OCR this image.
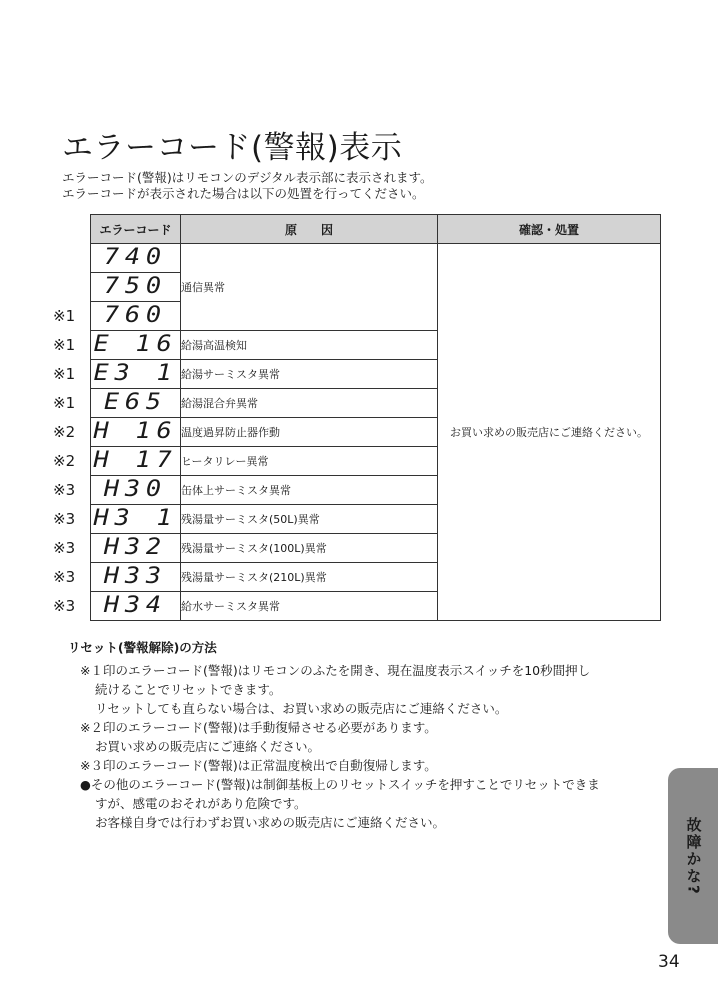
エラーコード(警報)表示
エラーコード(警報)はリモコンのデジタル表示部に表示されます。
エラーコードが表示された場合は以下の処置を行ってください。
エラーコード	原　　因	確認・処置

740	通信異常	お買い求めの販売店にご連絡ください。

750		

※1 760		

※1 E 16	給湯高温検知	

※1 E3 1	給湯サーミスタ異常	

※1 E65	給湯混合弁異常	

※2 H 16	温度過昇防止器作動	

※2 H 17	ヒータリレー異常	

※3 H30	缶体上サーミスタ異常	

※3 H3 1	残湯量サーミスタ(50L)異常	

※3 H32	残湯量サーミスタ(100L)異常	

※3 H33	残湯量サーミスタ(210L)異常	

※3 H34	給水サーミスタ異常	
リセット(警報解除)の方法
※１印のエラーコード(警報)はリモコンのふたを開き、現在温度表示スイッチを10秒間押し
続けることでリセットできます。
リセットしても直らない場合は、お買い求めの販売店にご連絡ください。
※２印のエラーコード(警報)は手動復帰させる必要があります。
お買い求めの販売店にご連絡ください。
※３印のエラーコード(警報)は正常温度検出で自動復帰します。
●その他のエラーコード(警報)は制御基板上のリセットスイッチを押すことでリセットできま
すが、感電のおそれがあり危険です。
お客様自身では行わずお買い求めの販売店にご連絡ください。	故障かな?
34
